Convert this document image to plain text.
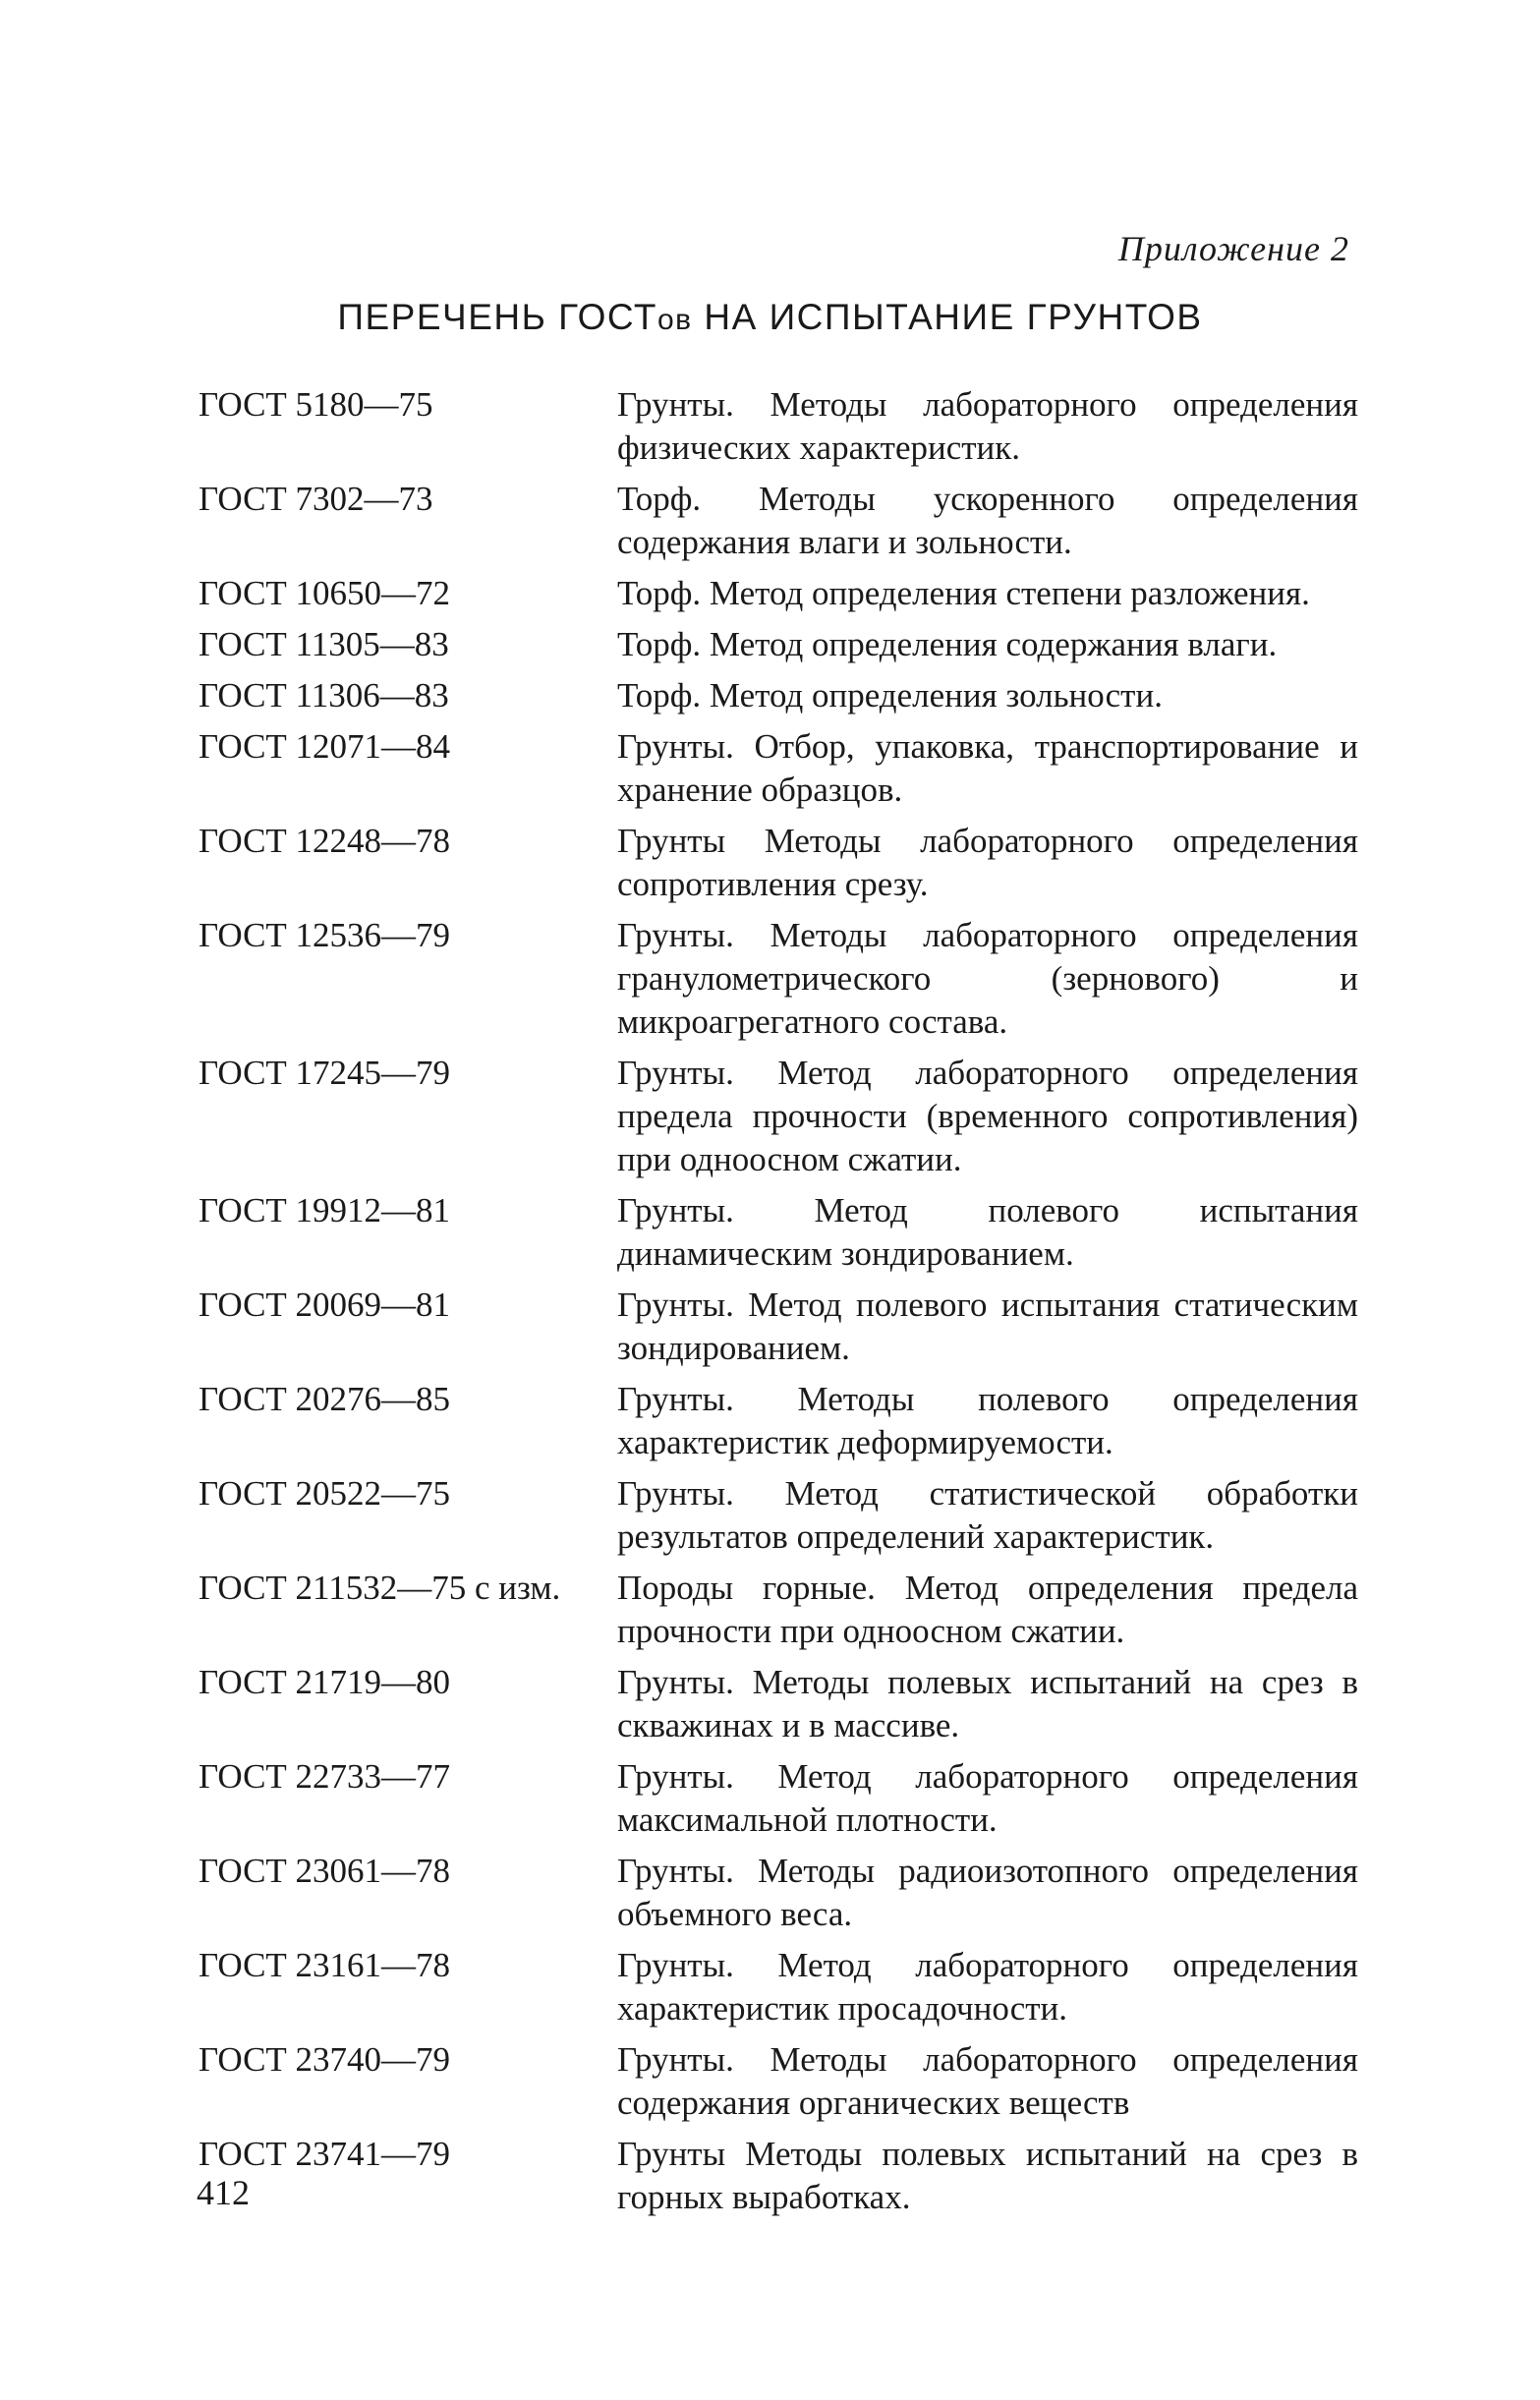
Приложение 2
ПЕРЕЧЕНЬ ГОСТов НА ИСПЫТАНИЕ ГРУНТОВ
ГОСТ 5180—75	Грунты. Методы лабораторного определения физических характеристик.
ГОСТ 7302—73	Торф. Методы ускоренного определения содержания влаги и зольности.
ГОСТ 10650—72	Торф. Метод определения степени разложения.
ГОСТ 11305—83	Торф. Метод определения содержания влаги.
ГОСТ 11306—83	Торф. Метод определения зольности.
ГОСТ 12071—84	Грунты. Отбор, упаковка, транспортирование и хранение образцов.
ГОСТ 12248—78	Грунты Методы лабораторного определения сопротивления срезу.
ГОСТ 12536—79	Грунты. Методы лабораторного определения гранулометрического (зернового) и микроагрегатного состава.
ГОСТ 17245—79	Грунты. Метод лабораторного определения предела прочности (временного сопротивления) при одноосном сжатии.
ГОСТ 19912—81	Грунты. Метод полевого испытания динамическим зондированием.
ГОСТ 20069—81	Грунты. Метод полевого испытания статическим зондированием.
ГОСТ 20276—85	Грунты. Методы полевого определения характеристик деформируемости.
ГОСТ 20522—75	Грунты. Метод статистической обработки результатов определений характеристик.
ГОСТ 211532—75 с изм.	Породы горные. Метод определения предела прочности при одноосном сжатии.
ГОСТ 21719—80	Грунты. Методы полевых испытаний на срез в скважинах и в массиве.
ГОСТ 22733—77	Грунты. Метод лабораторного определения максимальной плотности.
ГОСТ 23061—78	Грунты. Методы радиоизотопного определения объемного веса.
ГОСТ 23161—78	Грунты. Метод лабораторного определения характеристик просадочности.
ГОСТ 23740—79	Грунты. Методы лабораторного определения содержания органических веществ
ГОСТ 23741—79	Грунты Методы полевых испытаний на срез в горных выработках.
412
